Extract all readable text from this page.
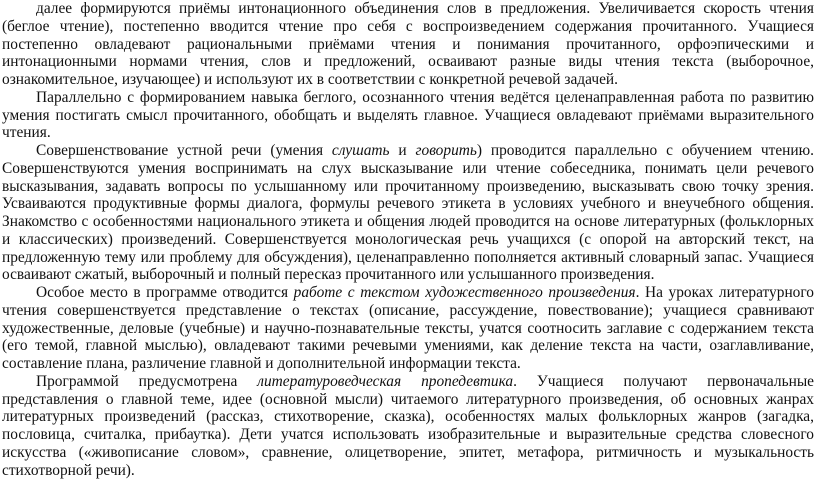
далее формируются приёмы интонационного объединения слов в предложения. Увеличивается скорость чтения (беглое чтение), постепенно вводится чтение про себя с воспроизведением содержания прочитанного. Учащиеся постепенно овладевают рациональными приёмами чтения и понимания прочитанного, орфоэпическими и интонационными нормами чтения, слов и предложений, осваивают разные виды чтения текста (выборочное, ознакомительное, изучающее) и используют их в соответствии с конкретной речевой задачей.

Параллельно с формированием навыка беглого, осознанного чтения ведётся целенаправленная работа по развитию умения постигать смысл прочитанного, обобщать и выделять главное. Учащиеся овладевают приёмами выразительного чтения.

Совершенствование устной речи (умения слушать и говорить) проводится параллельно с обучением чтению. Совершенствуются умения воспринимать на слух высказывание или чтение собеседника, понимать цели речевого высказывания, задавать вопросы по услышанному или прочитанному произведению, высказывать свою точку зрения. Усваиваются продуктивные формы диалога, формулы речевого этикета в условиях учебного и внеучебного общения. Знакомство с особенностями национального этикета и общения людей проводится на основе литературных (фольклорных и классических) произведений. Совершенствуется монологическая речь учащихся (с опорой на авторский текст, на предложенную тему или проблему для обсуждения), целенаправленно пополняется активный словарный запас. Учащиеся осваивают сжатый, выборочный и полный пересказ прочитанного или услышанного произведения.

Особое место в программе отводится работе с текстом художественного произведения. На уроках литературного чтения совершенствуется представление о текстах (описание, рассуждение, повествование); учащиеся сравнивают художественные, деловые (учебные) и научно-познавательные тексты, учатся соотносить заглавие с содержанием текста (его темой, главной мыслью), овладевают такими речевыми умениями, как деление текста на части, озаглавливание, составление плана, различение главной и дополнительной информации текста.

Программой предусмотрена литературоведческая пропедевтика. Учащиеся получают первоначальные представления о главной теме, идее (основной мысли) читаемого литературного произведения, об основных жанрах литературных произведений (рассказ, стихотворение, сказка), особенностях малых фольклорных жанров (загадка, пословица, считалка, прибаутка). Дети учатся использовать изобразительные и выразительные средства словесного искусства («живописание словом», сравнение, олицетворение, эпитет, метафора, ритмичность и музыкальность стихотворной речи).
